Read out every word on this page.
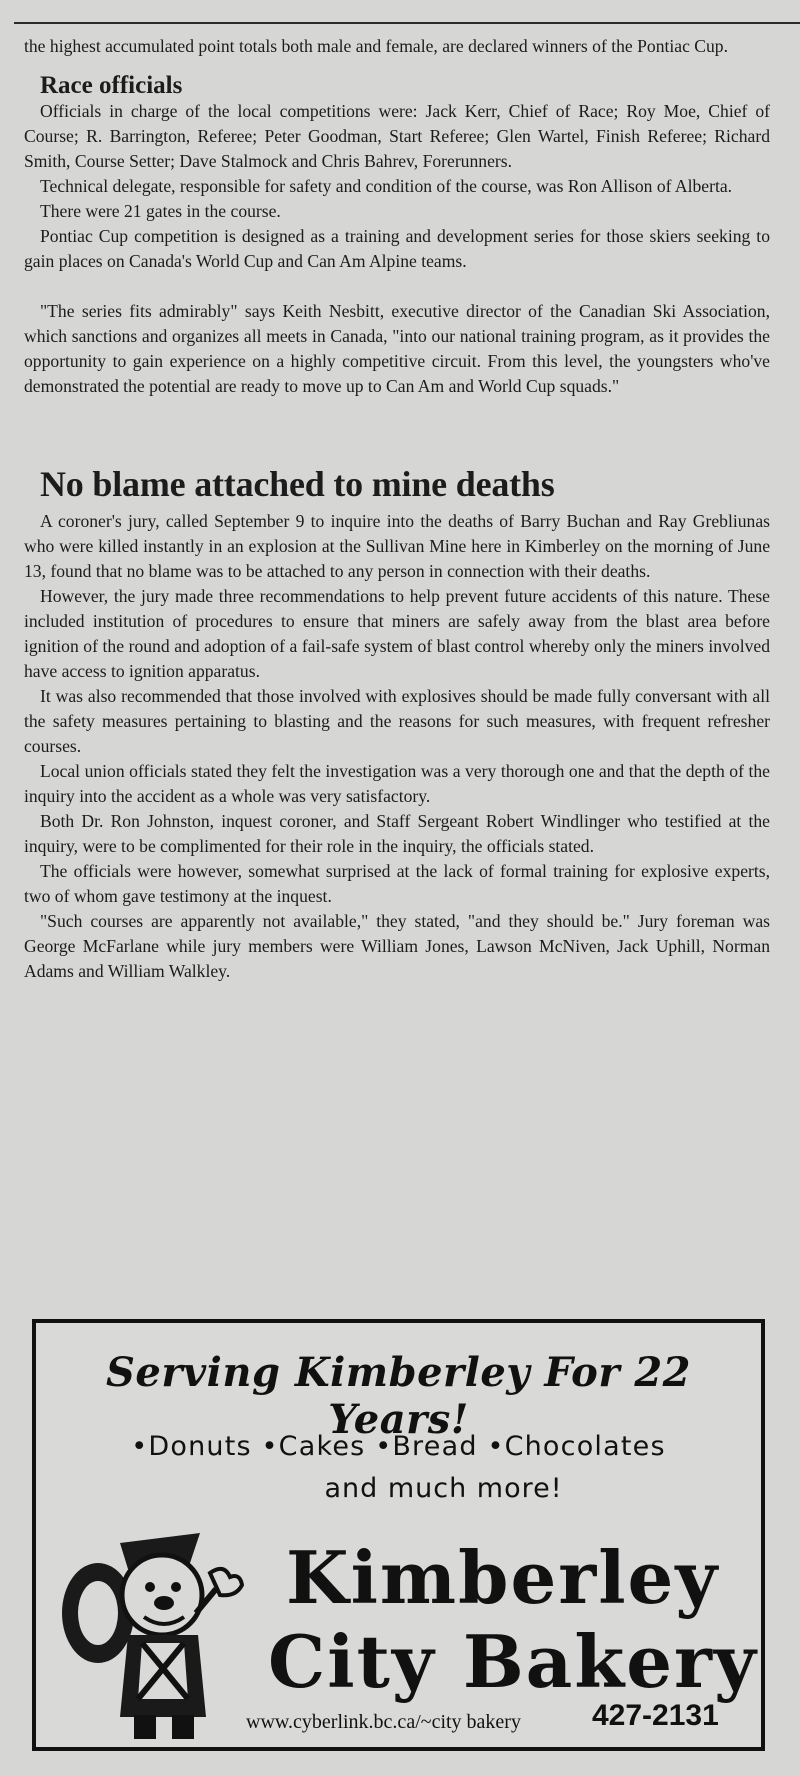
the highest accumulated point totals both male and female, are declared winners of the Pontiac Cup.

Race officials

Officials in charge of the local competitions were: Jack Kerr, Chief of Race; Roy Moe, Chief of Course; R. Barrington, Referee; Peter Goodman, Start Referee; Glen Wartel, Finish Referee; Richard Smith, Course Setter; Dave Stalmock and Chris Bahrev, Forerunners.

Technical delegate, responsible for safety and condition of the course, was Ron Allison of Alberta.

There were 21 gates in the course.

Pontiac Cup competition is designed as a training and development series for those skiers seeking to gain places on Canada's World Cup and Can Am Alpine teams.

"The series fits admirably" says Keith Nesbitt, executive director of the Canadian Ski Association, which sanctions and organizes all meets in Canada, "into our national training program, as it provides the opportunity to gain experience on a highly competitive circuit. From this level, the youngsters who've demonstrated the potential are ready to move up to Can Am and World Cup squads."

No blame attached to mine deaths

A coroner's jury, called September 9 to inquire into the deaths of Barry Buchan and Ray Grebliunas who were killed instantly in an explosion at the Sullivan Mine here in Kimberley on the morning of June 13, found that no blame was to be attached to any person in connection with their deaths.

However, the jury made three recommendations to help prevent future accidents of this nature. These included institution of procedures to ensure that miners are safely away from the blast area before ignition of the round and adoption of a fail-safe system of blast control whereby only the miners involved have access to ignition apparatus.

It was also recommended that those involved with explosives should be made fully conversant with all the safety measures pertaining to blasting and the reasons for such measures, with frequent refresher courses.

Local union officials stated they felt the investigation was a very thorough one and that the depth of the inquiry into the accident as a whole was very satisfactory.

Both Dr. Ron Johnston, inquest coroner, and Staff Sergeant Robert Windlinger who testified at the inquiry, were to be complimented for their role in the inquiry, the officials stated.

The officials were however, somewhat surprised at the lack of formal training for explosive experts, two of whom gave testimony at the inquest.

"Such courses are apparently not available," they stated, "and they should be." Jury foreman was George McFarlane while jury members were William Jones, Lawson McNiven, Jack Uphill, Norman Adams and William Walkley.

Serving Kimberley For 22 Years!
•Donuts •Cakes •Bread •Chocolates
and much more!
Kimberley
City Bakery
www.cyberlink.bc.ca/~city bakery 427-2131
